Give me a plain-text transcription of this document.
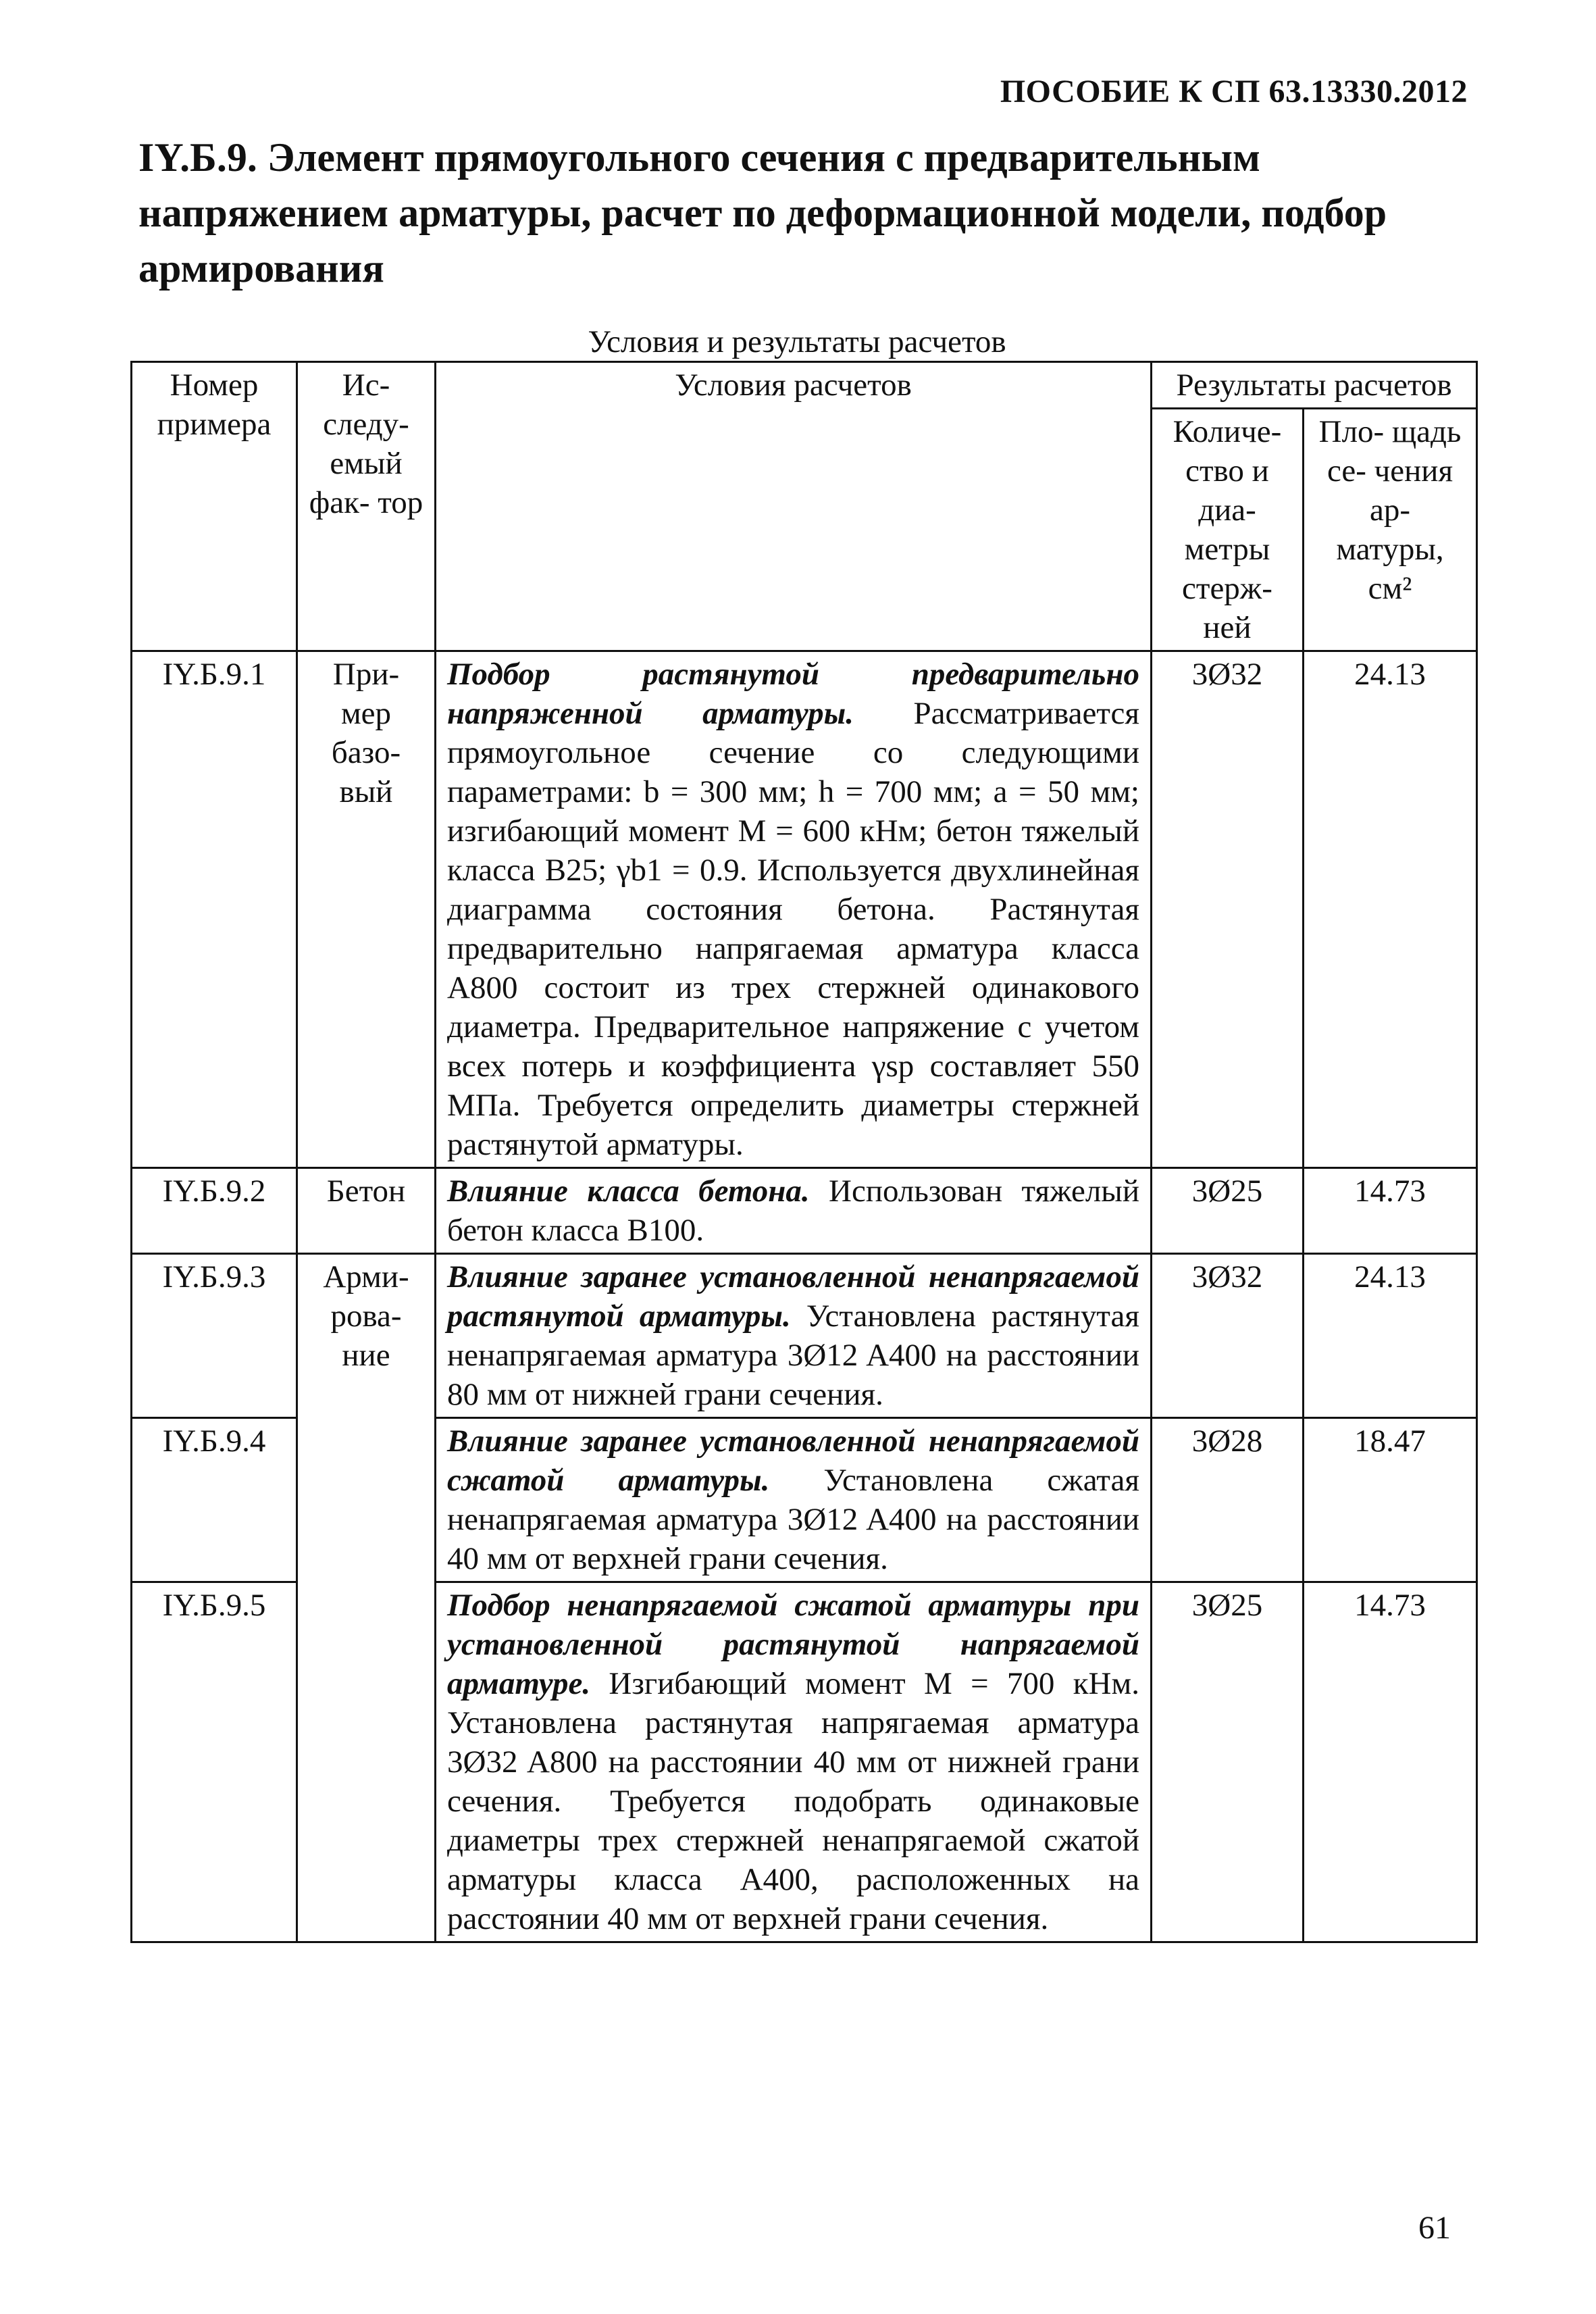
ПОСОБИЕ К СП 63.13330.2012
IY.Б.9. Элемент прямоугольного сечения с предварительным напряжением арматуры, расчет по деформационной модели, подбор армирования
Условия и результаты расчетов
Номер примера	Ис- следу- емый фак- тор	Условия расчетов	Результаты расчетов	
			Количе- ство и диа- метры стерж- ней	Пло- щадь се- чения ар- матуры, см²
IY.Б.9.1	При- мер базо- вый	Подбор растянутой предварительно напряженной арматуры. Рассматривается прямоугольное сечение со следующими параметрами: b = 300 мм; h = 700 мм; a = 50 мм; изгибающий момент M = 600 кНм; бетон тяжелый класса B25; γb1 = 0.9. Используется двухлинейная диаграмма состояния бетона. Растянутая предварительно напрягаемая арматура класса A800 состоит из трех стержней одинакового диаметра. Предварительное напряжение с учетом всех потерь и коэффициента γsp составляет 550 МПа. Требуется определить диаметры стержней растянутой арматуры.	3Ø32	24.13
IY.Б.9.2	Бетон	Влияние класса бетона. Использован тяжелый бетон класса B100.	3Ø25	14.73
IY.Б.9.3	Арми- рова- ние	Влияние заранее установленной ненапрягаемой растянутой арматуры. Установлена растянутая ненапрягаемая арматура 3Ø12 A400 на расстоянии 80 мм от нижней грани сечения.	3Ø32	24.13
IY.Б.9.4		Влияние заранее установленной ненапрягаемой сжатой арматуры. Установлена сжатая ненапрягаемая арматура 3Ø12 A400 на расстоянии 40 мм от верхней грани сечения.	3Ø28	18.47
IY.Б.9.5		Подбор ненапрягаемой сжатой арматуры при установленной растянутой напрягаемой арматуре. Изгибающий момент M = 700 кНм. Установлена растянутая напрягаемая арматура 3Ø32 A800 на расстоянии 40 мм от нижней грани сечения. Требуется подобрать одинаковые диаметры трех стержней ненапрягаемой сжатой арматуры класса A400, расположенных на расстоянии 40 мм от верхней грани сечения.	3Ø25	14.73
61
